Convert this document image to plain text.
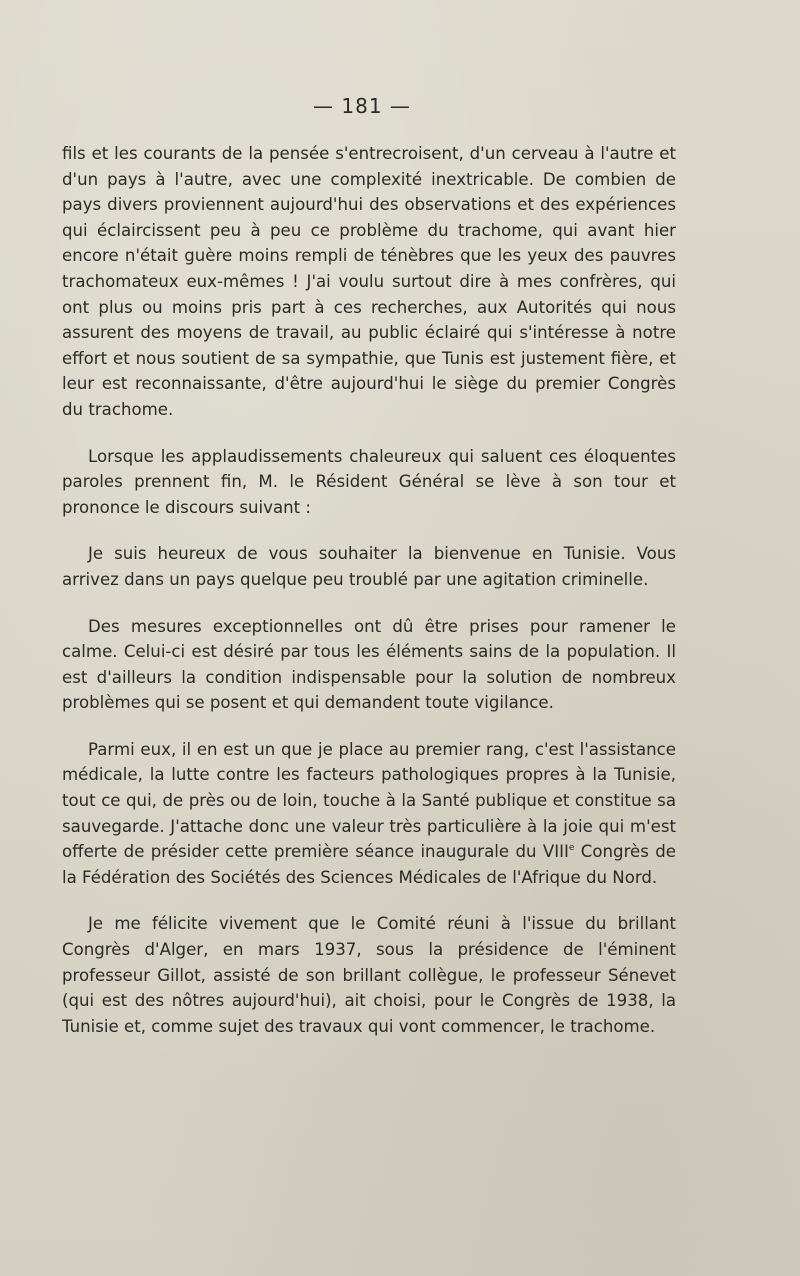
— 181 —

fils et les courants de la pensée s'entrecroisent, d'un cerveau à l'autre et d'un pays à l'autre, avec une complexité inextricable. De combien de pays divers proviennent aujourd'hui des observations et des expériences qui éclaircissent peu à peu ce problème du trachome, qui avant hier encore n'était guère moins rempli de ténèbres que les yeux des pauvres trachomateux eux-mêmes ! J'ai voulu surtout dire à mes confrères, qui ont plus ou moins pris part à ces recherches, aux Autorités qui nous assurent des moyens de travail, au public éclairé qui s'intéresse à notre effort et nous soutient de sa sympathie, que Tunis est justement fière, et leur est reconnaissante, d'être aujourd'hui le siège du premier Congrès du trachome.

Lorsque les applaudissements chaleureux qui saluent ces éloquentes paroles prennent fin, M. le Résident Général se lève à son tour et prononce le discours suivant :

Je suis heureux de vous souhaiter la bienvenue en Tunisie. Vous arrivez dans un pays quelque peu troublé par une agitation criminelle.

Des mesures exceptionnelles ont dû être prises pour ramener le calme. Celui-ci est désiré par tous les éléments sains de la population. Il est d'ailleurs la condition indispensable pour la solution de nombreux problèmes qui se posent et qui demandent toute vigilance.

Parmi eux, il en est un que je place au premier rang, c'est l'assistance médicale, la lutte contre les facteurs pathologiques propres à la Tunisie, tout ce qui, de près ou de loin, touche à la Santé publique et constitue sa sauvegarde. J'attache donc une valeur très particulière à la joie qui m'est offerte de présider cette première séance inaugurale du VIIIe Congrès de la Fédération des Sociétés des Sciences Médicales de l'Afrique du Nord.

Je me félicite vivement que le Comité réuni à l'issue du brillant Congrès d'Alger, en mars 1937, sous la présidence de l'éminent professeur Gillot, assisté de son brillant collègue, le professeur Sénevet (qui est des nôtres aujourd'hui), ait choisi, pour le Congrès de 1938, la Tunisie et, comme sujet des travaux qui vont commencer, le trachome.
